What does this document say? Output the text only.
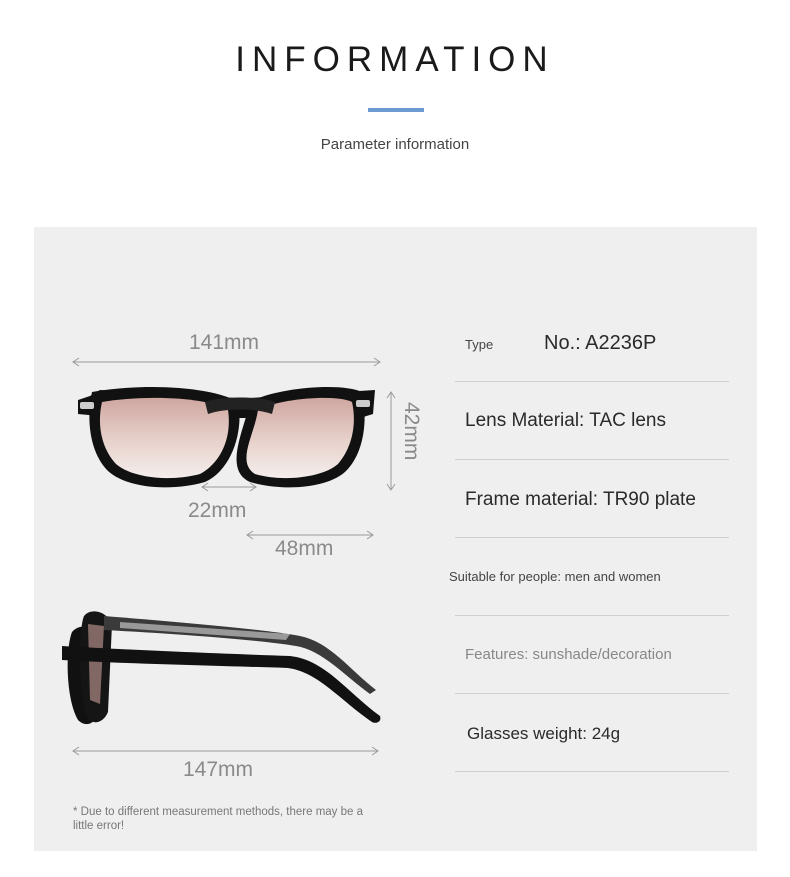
INFORMATION
Parameter information
141mm
22mm
48mm
42mm
147mm
Type	No.: A2236P
Lens Material: TAC lens
Frame material: TR90 plate
Suitable for people: men and women
Features: sunshade/decoration
Glasses weight: 24g
* Due to different measurement methods, there may be a little error!
